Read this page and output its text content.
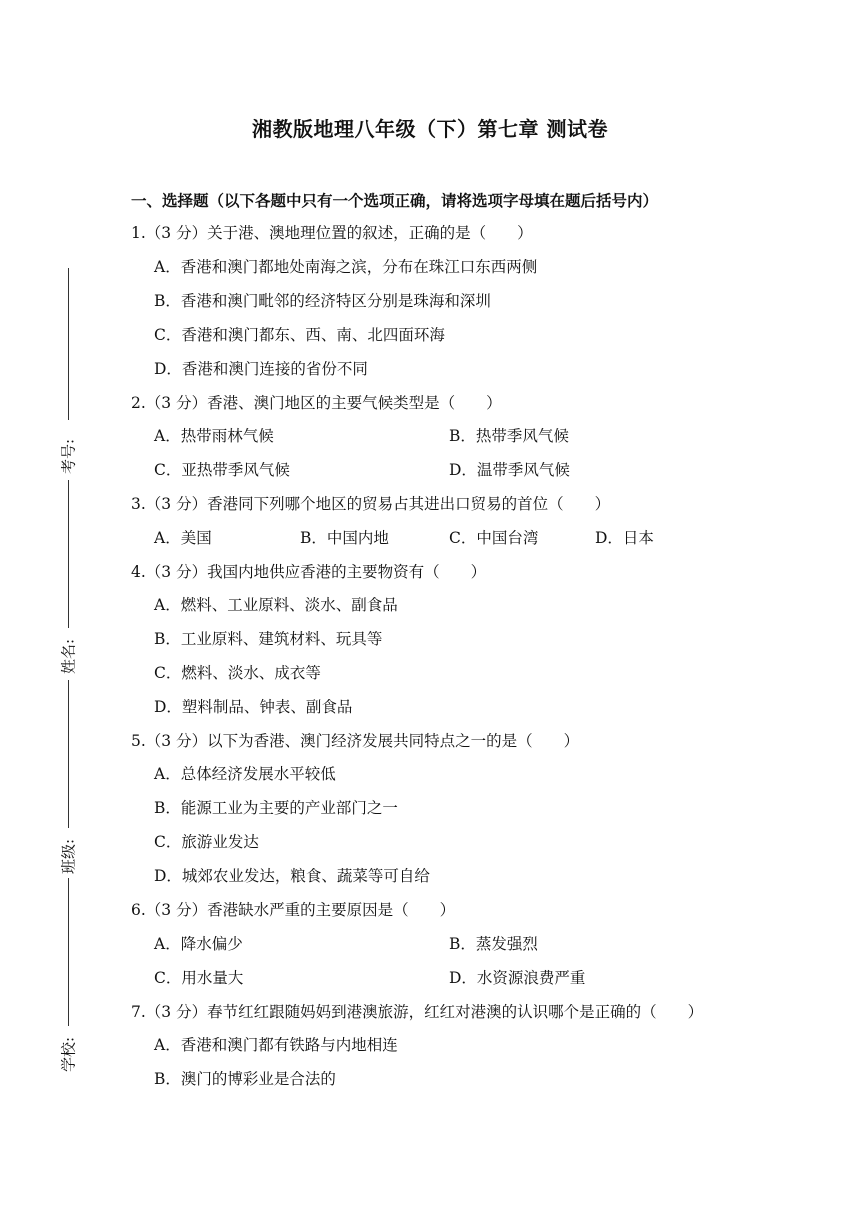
考号:
姓名:
班级:
学校:
湘教版地理八年级（下）第七章 测试卷
一、选择题（以下各题中只有一个选项正确，请将选项字母填在题后括号内）
1.（3 分）关于港、澳地理位置的叙述，正确的是（　　）
A．香港和澳门都地处南海之滨，分布在珠江口东西两侧
B．香港和澳门毗邻的经济特区分别是珠海和深圳
C．香港和澳门都东、西、南、北四面环海
D．香港和澳门连接的省份不同
2.（3 分）香港、澳门地区的主要气候类型是（　　）
A．热带雨林气候	B．热带季风气候
C．亚热带季风气候	D．温带季风气候
3.（3 分）香港同下列哪个地区的贸易占其进出口贸易的首位（　　）
A．美国	B．中国内地	C．中国台湾	D．日本
4.（3 分）我国内地供应香港的主要物资有（　　）
A．燃料、工业原料、淡水、副食品
B．工业原料、建筑材料、玩具等
C．燃料、淡水、成衣等
D．塑料制品、钟表、副食品
5.（3 分）以下为香港、澳门经济发展共同特点之一的是（　　）
A．总体经济发展水平较低
B．能源工业为主要的产业部门之一
C．旅游业发达
D．城郊农业发达，粮食、蔬菜等可自给
6.（3 分）香港缺水严重的主要原因是（　　）
A．降水偏少	B．蒸发强烈
C．用水量大	D．水资源浪费严重
7.（3 分）春节红红跟随妈妈到港澳旅游，红红对港澳的认识哪个是正确的（　　）
A．香港和澳门都有铁路与内地相连
B．澳门的博彩业是合法的
